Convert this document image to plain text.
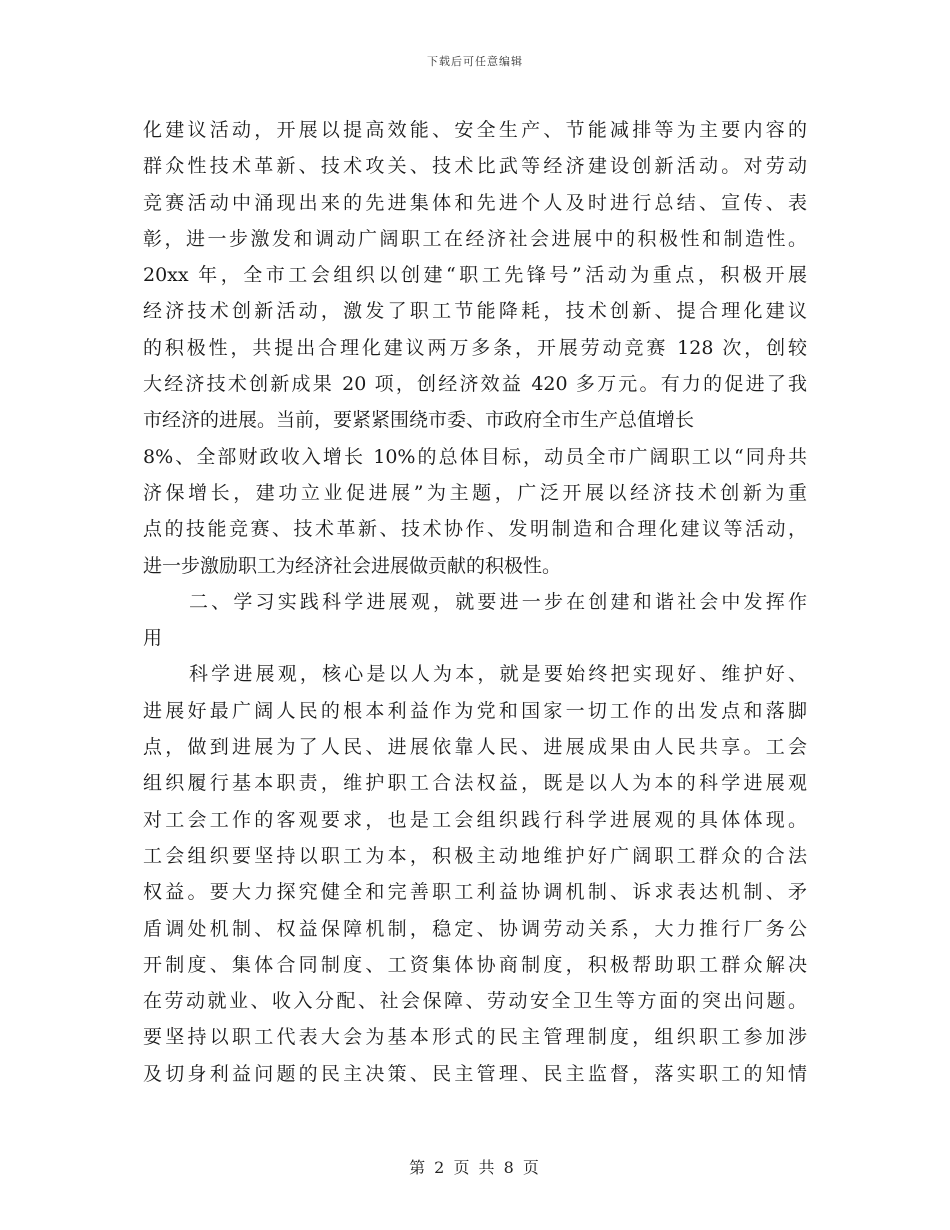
下载后可任意编辑
化建议活动，开展以提高效能、安全生产、节能减排等为主要内容的
群众性技术革新、技术攻关、技术比武等经济建设创新活动。对劳动
竞赛活动中涌现出来的先进集体和先进个人及时进行总结、宣传、表
彰，进一步激发和调动广阔职工在经济社会进展中的积极性和制造性。
20xx 年，全市工会组织以创建“职工先锋号”活动为重点，积极开展
经济技术创新活动，激发了职工节能降耗，技术创新、提合理化建议
的积极性，共提出合理化建议两万多条，开展劳动竞赛 128 次，创较
大经济技术创新成果 20 项，创经济效益 420 多万元。有力的促进了我
市经济的进展。当前，要紧紧围绕市委、市政府全市生产总值增长
8%、全部财政收入增长 10%的总体目标，动员全市广阔职工以“同舟共
济保增长，建功立业促进展”为主题，广泛开展以经济技术创新为重
点的技能竞赛、技术革新、技术协作、发明制造和合理化建议等活动，
进一步激励职工为经济社会进展做贡献的积极性。
二、学习实践科学进展观，就要进一步在创建和谐社会中发挥作
用
科学进展观，核心是以人为本，就是要始终把实现好、维护好、
进展好最广阔人民的根本利益作为党和国家一切工作的出发点和落脚
点，做到进展为了人民、进展依靠人民、进展成果由人民共享。工会
组织履行基本职责，维护职工合法权益，既是以人为本的科学进展观
对工会工作的客观要求，也是工会组织践行科学进展观的具体体现。
工会组织要坚持以职工为本，积极主动地维护好广阔职工群众的合法
权益。要大力探究健全和完善职工利益协调机制、诉求表达机制、矛
盾调处机制、权益保障机制，稳定、协调劳动关系，大力推行厂务公
开制度、集体合同制度、工资集体协商制度，积极帮助职工群众解决
在劳动就业、收入分配、社会保障、劳动安全卫生等方面的突出问题。
要坚持以职工代表大会为基本形式的民主管理制度，组织职工参加涉
及切身利益问题的民主决策、民主管理、民主监督，落实职工的知情
第 2 页 共 8 页
